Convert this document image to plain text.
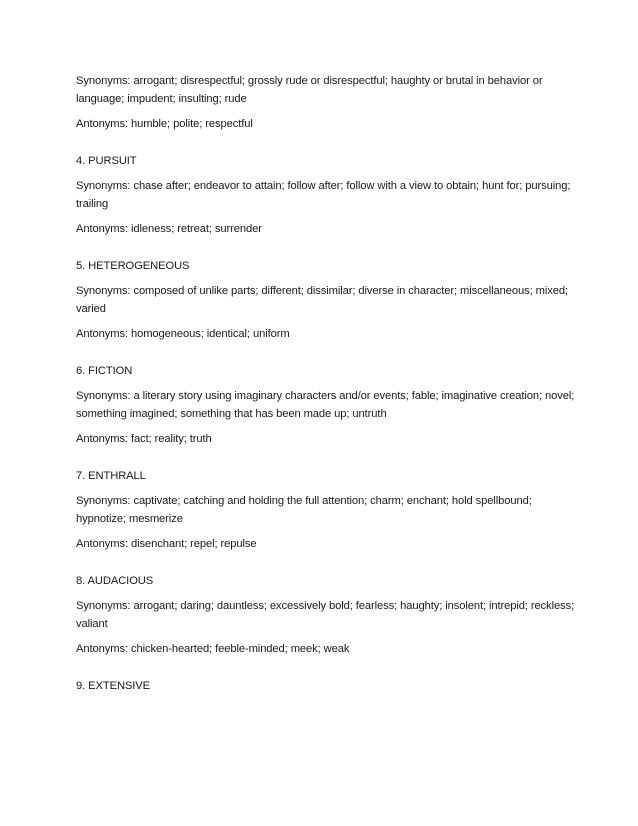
Synonyms: arrogant; disrespectful; grossly rude or disrespectful; haughty or brutal in behavior or language; impudent; insulting; rude

Antonyms: humble; polite; respectful

4. PURSUIT

Synonyms: chase after; endeavor to attain; follow after; follow with a view to obtain; hunt for; pursuing; trailing

Antonyms: idleness; retreat; surrender

5. HETEROGENEOUS

Synonyms: composed of unlike parts; different; dissimilar; diverse in character; miscellaneous; mixed; varied

Antonyms: homogeneous; identical; uniform

6. FICTION

Synonyms: a literary story using imaginary characters and/or events; fable; imaginative creation; novel; something imagined; something that has been made up; untruth

Antonyms: fact; reality; truth

7. ENTHRALL

Synonyms: captivate; catching and holding the full attention; charm; enchant; hold spellbound; hypnotize; mesmerize

Antonyms: disenchant; repel; repulse

8. AUDACIOUS

Synonyms: arrogant; daring; dauntless; excessively bold; fearless; haughty; insolent; intrepid; reckless; valiant

Antonyms: chicken-hearted; feeble-minded; meek; weak

9. EXTENSIVE
